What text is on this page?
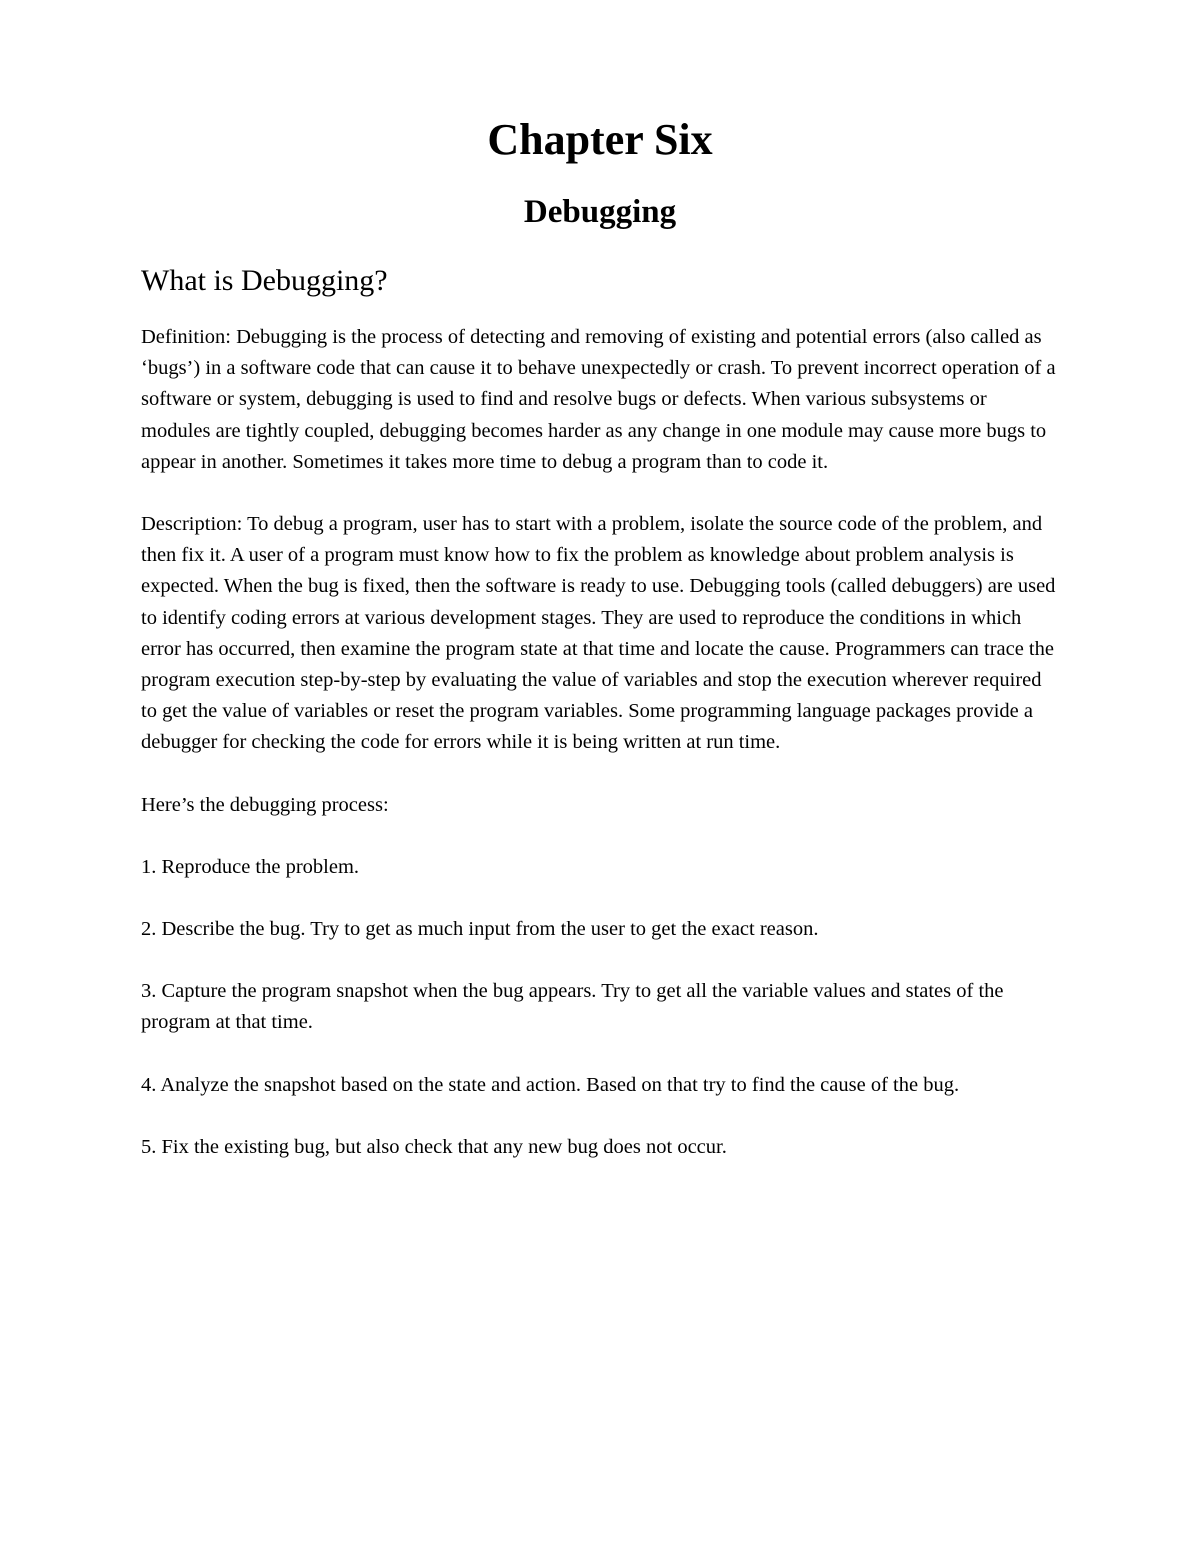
Chapter Six
Debugging
What is Debugging?

Definition: Debugging is the process of detecting and removing of existing and potential errors (also called as ‘bugs’) in a software code that can cause it to behave unexpectedly or crash. To prevent incorrect operation of a software or system, debugging is used to find and resolve bugs or defects. When various subsystems or modules are tightly coupled, debugging becomes harder as any change in one module may cause more bugs to appear in another. Sometimes it takes more time to debug a program than to code it.

Description: To debug a program, user has to start with a problem, isolate the source code of the problem, and then fix it. A user of a program must know how to fix the problem as knowledge about problem analysis is expected. When the bug is fixed, then the software is ready to use. Debugging tools (called debuggers) are used to identify coding errors at various development stages. They are used to reproduce the conditions in which error has occurred, then examine the program state at that time and locate the cause. Programmers can trace the program execution step-by-step by evaluating the value of variables and stop the execution wherever required to get the value of variables or reset the program variables. Some programming language packages provide a debugger for checking the code for errors while it is being written at run time.

Here’s the debugging process:

1. Reproduce the problem.

2. Describe the bug. Try to get as much input from the user to get the exact reason.

3. Capture the program snapshot when the bug appears. Try to get all the variable values and states of the program at that time.

4. Analyze the snapshot based on the state and action. Based on that try to find the cause of the bug.

5. Fix the existing bug, but also check that any new bug does not occur.
